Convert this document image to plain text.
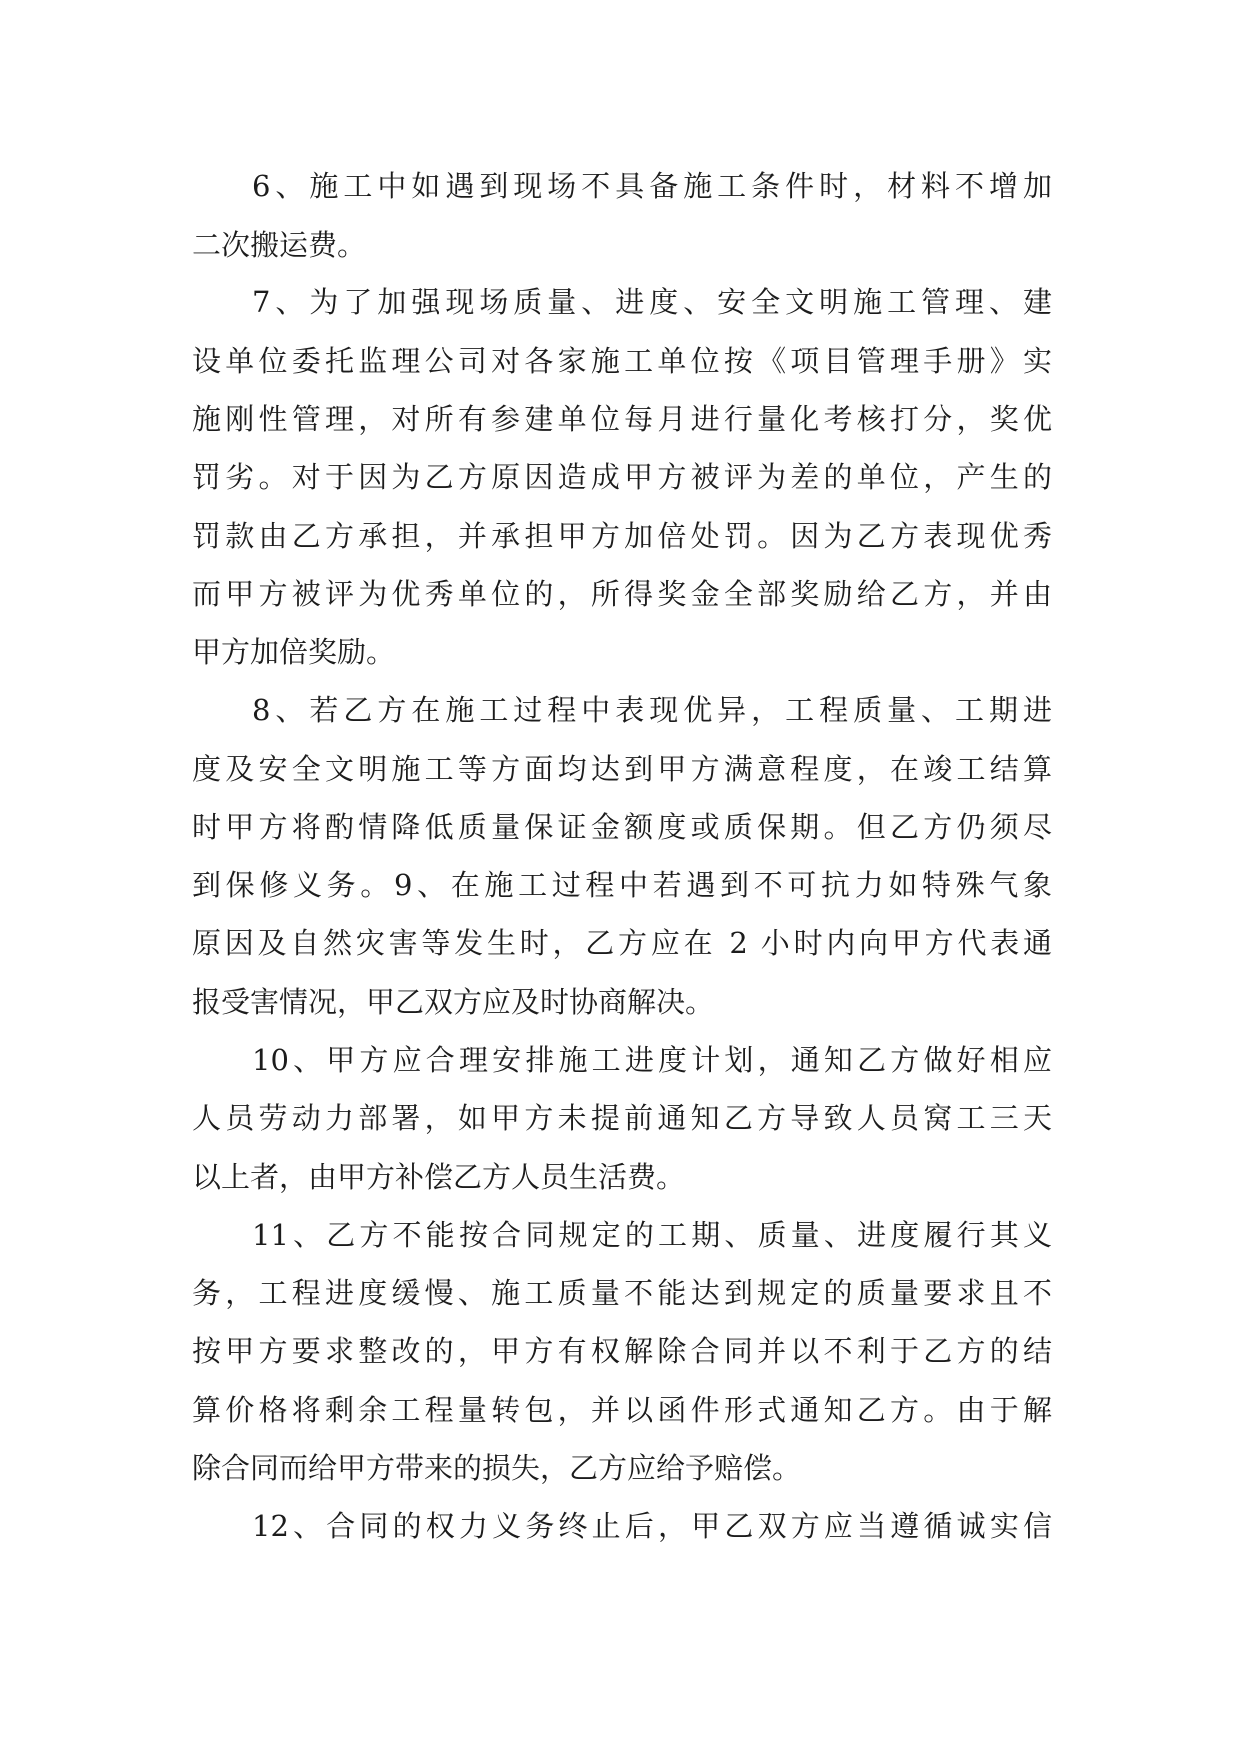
6、施工中如遇到现场不具备施工条件时，材料不增加

二次搬运费。

7、为了加强现场质量、进度、安全文明施工管理、建

设单位委托监理公司对各家施工单位按《项目管理手册》实

施刚性管理，对所有参建单位每月进行量化考核打分，奖优

罚劣。对于因为乙方原因造成甲方被评为差的单位，产生的

罚款由乙方承担，并承担甲方加倍处罚。因为乙方表现优秀

而甲方被评为优秀单位的，所得奖金全部奖励给乙方，并由

甲方加倍奖励。

8、若乙方在施工过程中表现优异，工程质量、工期进

度及安全文明施工等方面均达到甲方满意程度，在竣工结算

时甲方将酌情降低质量保证金额度或质保期。但乙方仍须尽

到保修义务。9、在施工过程中若遇到不可抗力如特殊气象

原因及自然灾害等发生时，乙方应在 2 小时内向甲方代表通

报受害情况，甲乙双方应及时协商解决。

10、甲方应合理安排施工进度计划，通知乙方做好相应

人员劳动力部署，如甲方未提前通知乙方导致人员窝工三天

以上者，由甲方补偿乙方人员生活费。

11、乙方不能按合同规定的工期、质量、进度履行其义

务，工程进度缓慢、施工质量不能达到规定的质量要求且不

按甲方要求整改的，甲方有权解除合同并以不利于乙方的结

算价格将剩余工程量转包，并以函件形式通知乙方。由于解

除合同而给甲方带来的损失，乙方应给予赔偿。

12、合同的权力义务终止后，甲乙双方应当遵循诚实信
